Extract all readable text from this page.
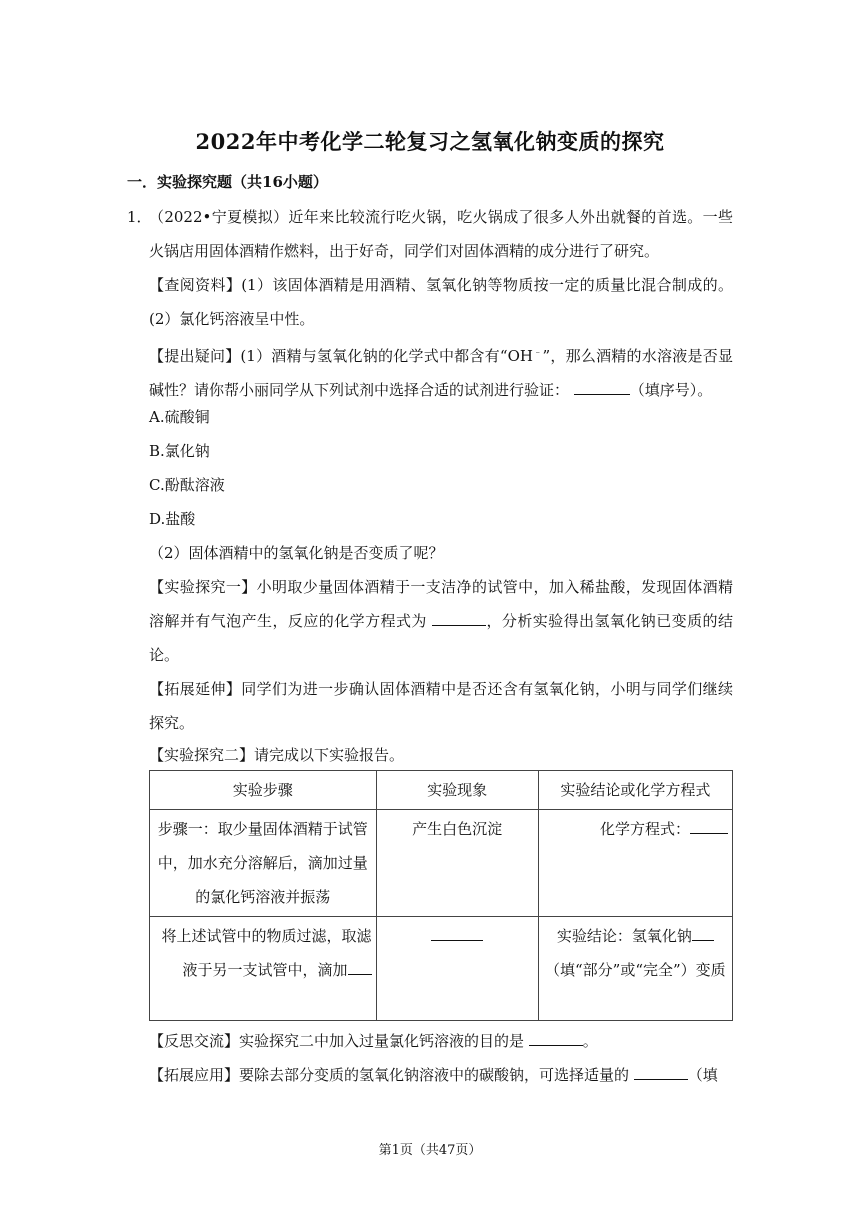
2022年中考化学二轮复习之氢氧化钠变质的探究
一．实验探究题（共16小题）
1．
（2022•宁夏模拟）近年来比较流行吃火锅，吃火锅成了很多人外出就餐的首选。一些火锅店用固体酒精作燃料，出于好奇，同学们对固体酒精的成分进行了研究。
【查阅资料】(1）该固体酒精是用酒精、氢氧化钠等物质按一定的质量比混合制成的。(2）氯化钙溶液呈中性。
【提出疑问】(1）酒精与氢氧化钠的化学式中都含有“OH﹣”，那么酒精的水溶液是否显碱性？请你帮小丽同学从下列试剂中选择合适的试剂进行验证：	（填序号）。
A.硫酸铜
B.氯化钠
C.酚酞溶液
D.盐酸
（2）固体酒精中的氢氧化钠是否变质了呢？
【实验探究一】小明取少量固体酒精于一支洁净的试管中，加入稀盐酸，发现固体酒精溶解并有气泡产生，反应的化学方程式为	，分析实验得出氢氧化钠已变质的结论。
【拓展延伸】同学们为进一步确认固体酒精中是否还含有氢氧化钠，小明与同学们继续探究。
【实验探究二】请完成以下实验报告。
实验步骤	实验现象	实验结论或化学方程式
步骤一：取少量固体酒精于试管中，加水充分溶解后，滴加过量的氯化钙溶液并振荡	产生白色沉淀	化学方程式：
将上述试管中的物质过滤，取滤液于另一支试管中，滴加		实验结论：氢氧化钠（填“部分”或“完全”）变质
【反思交流】实验探究二中加入过量氯化钙溶液的目的是	。
【拓展应用】要除去部分变质的氢氧化钠溶液中的碳酸钠，可选择适量的	（填
第1页（共47页）
